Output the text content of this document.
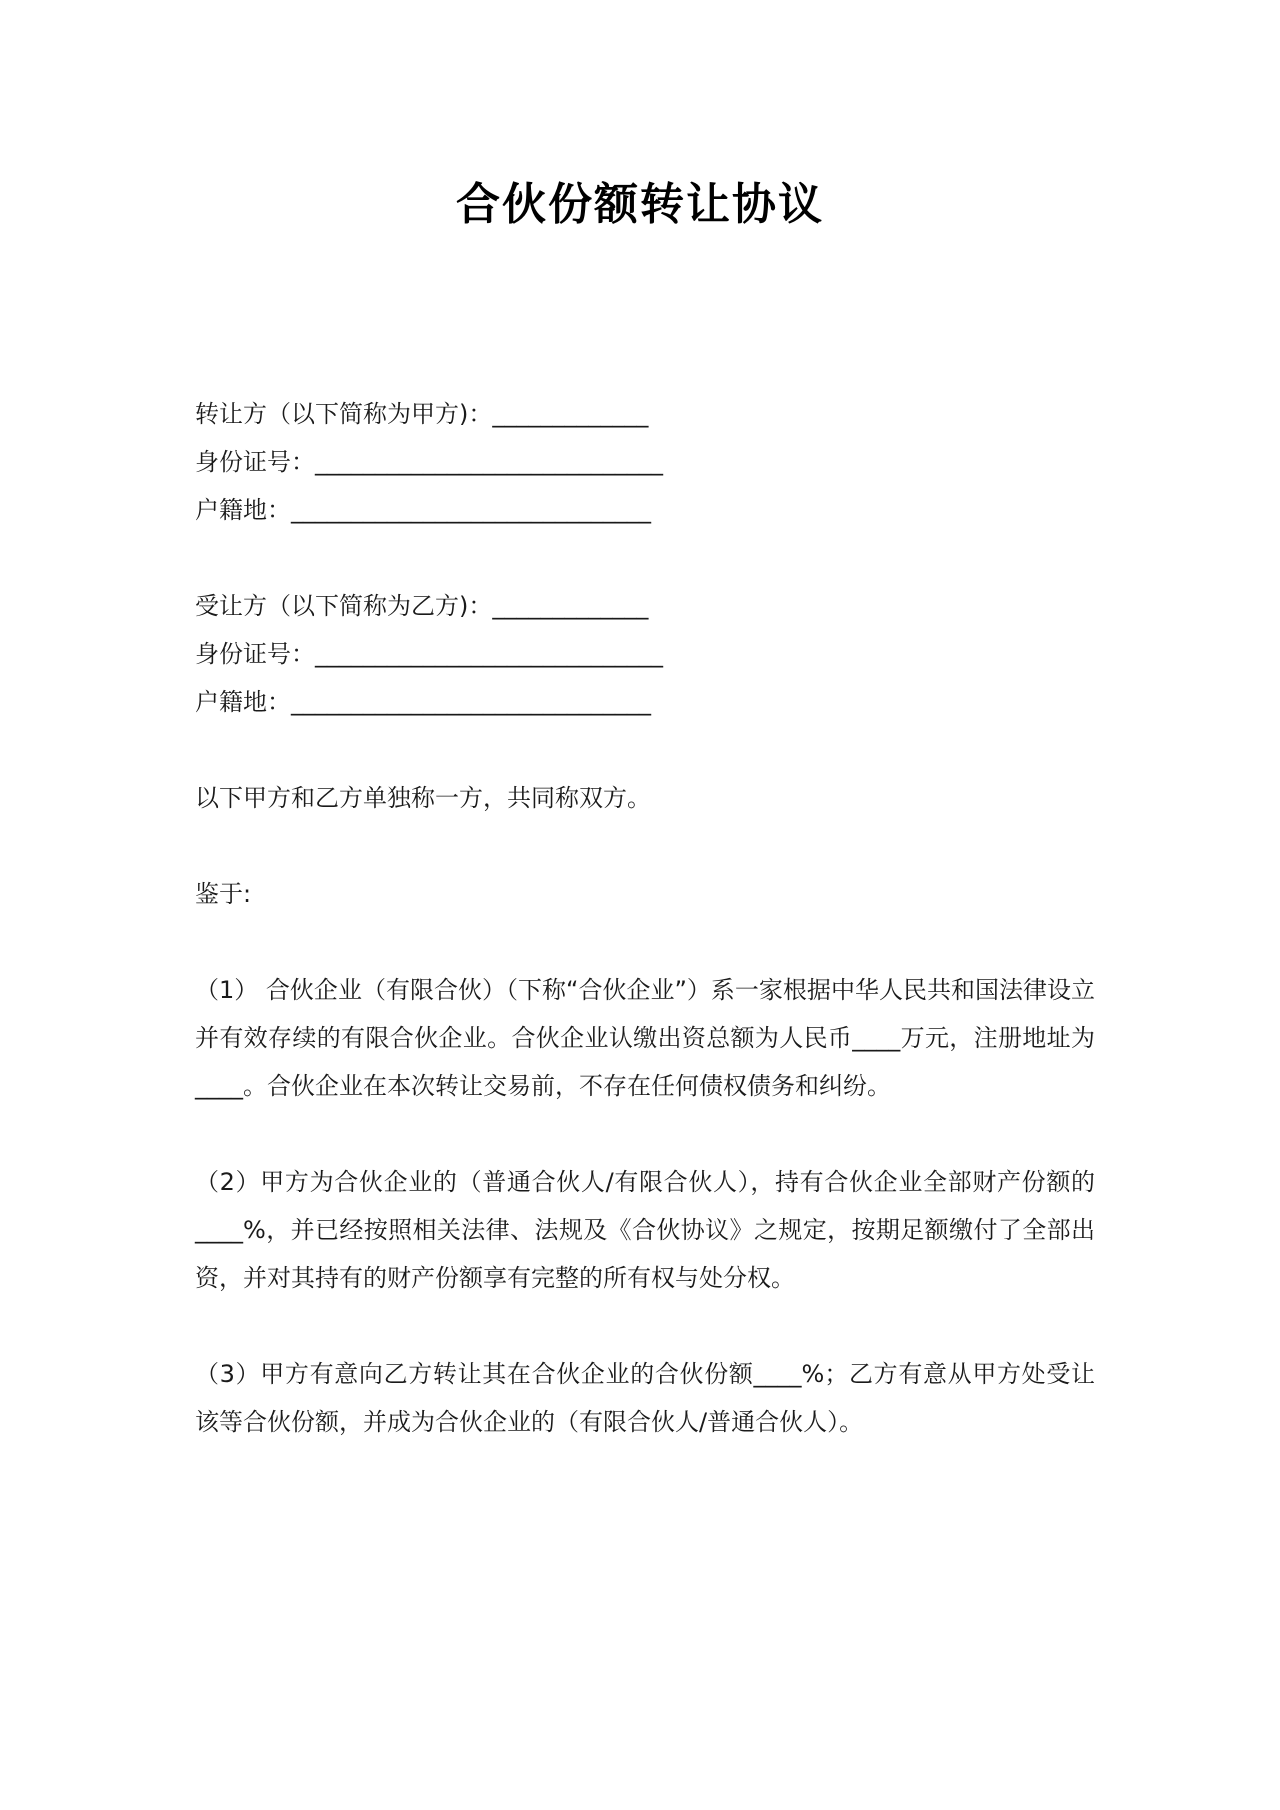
合伙份额转让协议
转让方（以下简称为甲方)：_____________
身份证号：_____________________________
户籍地：______________________________
受让方（以下简称为乙方)：_____________
身份证号：_____________________________
户籍地：______________________________
以下甲方和乙方单独称一方，共同称双方。
鉴于:
（1） 合伙企业（有限合伙）（下称“合伙企业”）系一家根据中华人民共和国法律设立并有效存续的有限合伙企业。合伙企业认缴出资总额为人民币____万元，注册地址为____。合伙企业在本次转让交易前，不存在任何债权债务和纠纷。
（2）甲方为合伙企业的（普通合伙人/有限合伙人），持有合伙企业全部财产份额的____%，并已经按照相关法律、法规及《合伙协议》之规定，按期足额缴付了全部出资，并对其持有的财产份额享有完整的所有权与处分权。
（3）甲方有意向乙方转让其在合伙企业的合伙份额____%；乙方有意从甲方处受让该等合伙份额，并成为合伙企业的（有限合伙人/普通合伙人）。
